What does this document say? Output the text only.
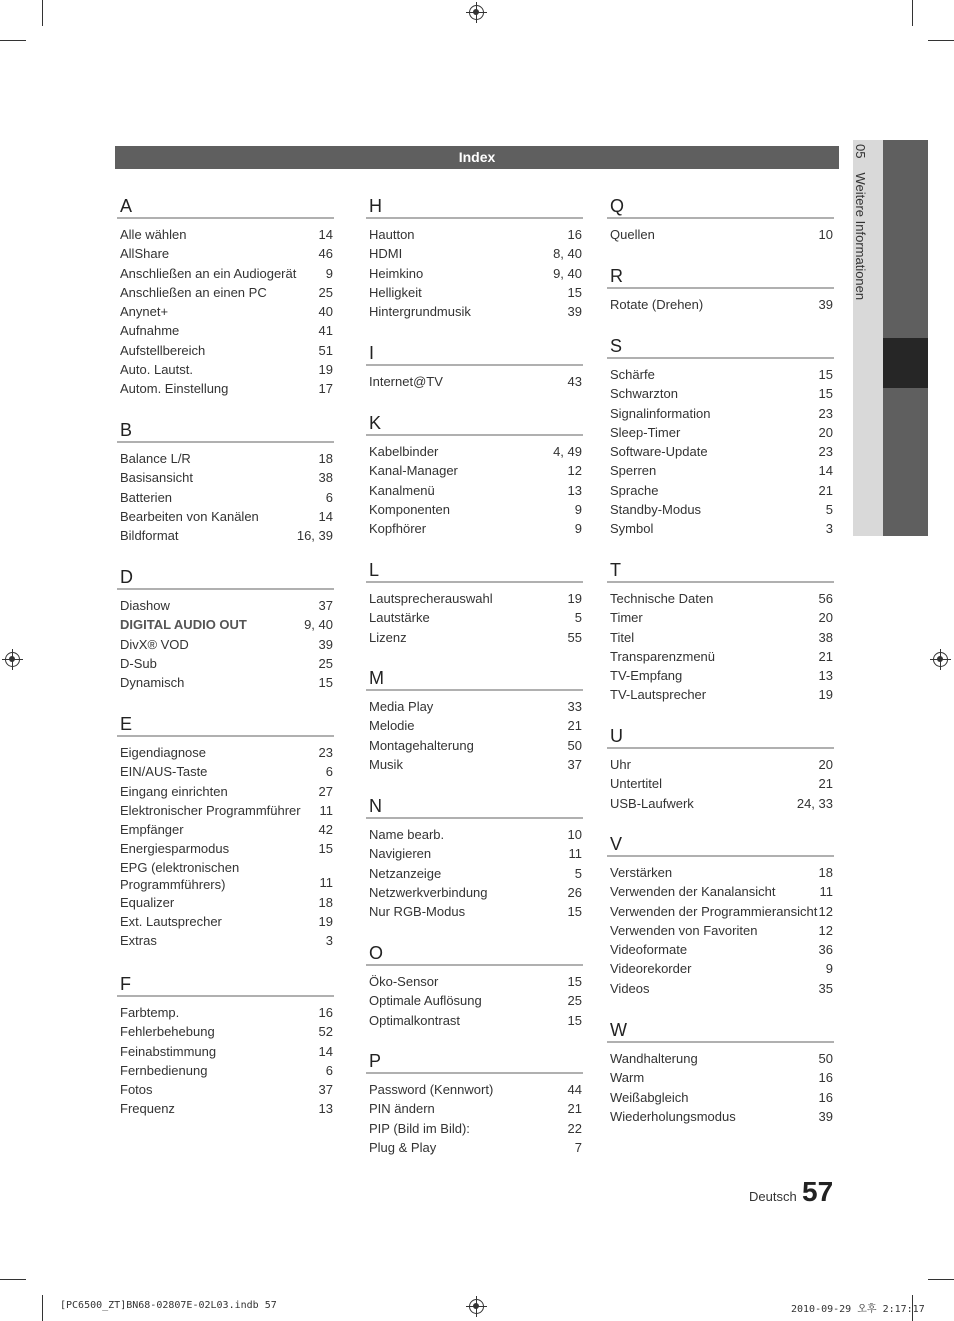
Index	05Weitere Informationen
A
Alle wählen	14
AllShare	46
Anschließen an ein Audiogerät 9
Anschließen an einen PC	25
Anynet+	40
Aufnahme	41
Aufstellbereich	51
Auto. Lautst.	19
Autom. Einstellung	17
B
Balance L/R	18
Basisansicht	38
Batterien	6
Bearbeiten von Kanälen	14
Bildformat	16, 39
D
Diashow	37
DIGITAL AUDIO OUT	9, 40
DivX® VOD	39
D-Sub	25
Dynamisch	15
E
Eigendiagnose	23
EIN/AUS-Taste	6
Eingang einrichten	27
Elektronischer Programmführer 11
Empfänger	42
Energiesparmodus	15
EPG (elektronischen Programmführers)	11
Equalizer	18
Ext. Lautsprecher	19
Extras	3
F
Farbtemp.	16
Fehlerbehebung	52
Feinabstimmung	14
Fernbedienung	6
Fotos	37
Frequenz	13
H
Hautton	16
HDMI	8, 40
Heimkino	9, 40
Helligkeit	15
Hintergrundmusik	39
I
Internet@TV	43
K
Kabelbinder	4, 49
Kanal-Manager	12
Kanalmenü	13
Komponenten	9
Kopfhörer	9
L
Lautsprecherauswahl	19
Lautstärke	5
Lizenz	55
M
Media Play	33
Melodie	21
Montagehalterung	50
Musik	37
N
Name bearb.	10
Navigieren	11
Netzanzeige	5
Netzwerkverbindung	26
Nur RGB-Modus	15
O
Öko-Sensor	15
Optimale Auflösung	25
Optimalkontrast	15
P
Password (Kennwort)	44
PIN ändern	21
PIP (Bild im Bild):	22
Plug & Play	7
Q
Quellen	10
R
Rotate (Drehen)	39
S
Schärfe	15
Schwarzton	15
Signalinformation	23
Sleep-Timer	20
Software-Update	23
Sperren	14
Sprache	21
Standby-Modus	5
Symbol	3
T
Technische Daten	56
Timer	20
Titel	38
Transparenzmenü	21
TV-Empfang	13
TV-Lautsprecher	19
U
Uhr	20
Untertitel	21
USB-Laufwerk	24, 33
V
Verstärken	18
Verwenden der Kanalansicht	11
Verwenden der Programmieransicht 12
Verwenden von Favoriten	12
Videoformate	36
Videorekorder	9
Videos	35
W
Wandhalterung	50
Warm	16
Weißabgleich	16
Wiederholungsmodus	39
Deutsch 57
[PC6500_ZT]BN68-02807E-02L03.indb 57	2010-09-29 오후 2:17:17
